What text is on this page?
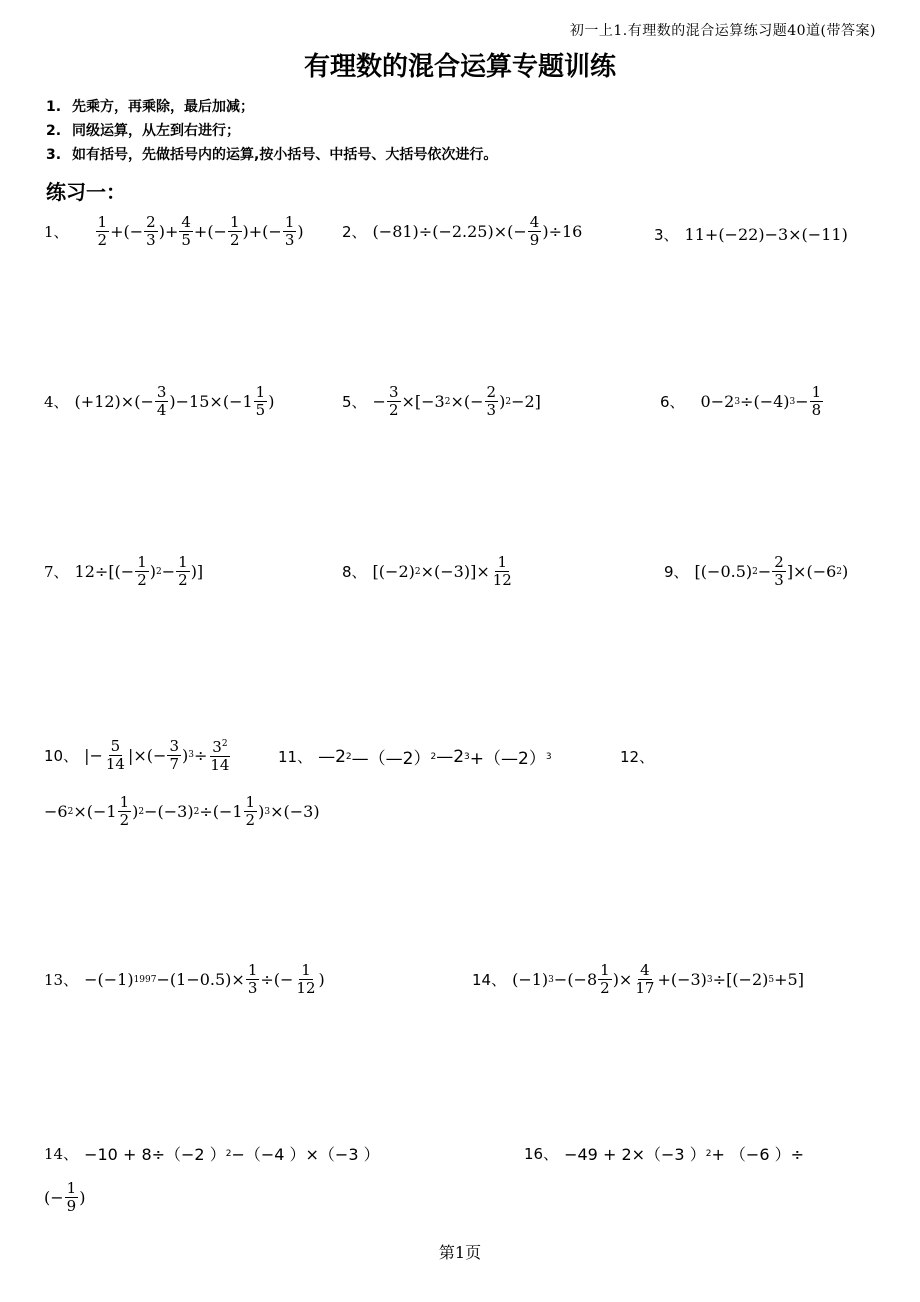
初一上1.有理数的混合运算练习题40道(带答案)
有理数的混合运算专题训练
1. 先乘方，再乘除，最后加减；
2. 同级运算，从左到右进行；
3. 如有括号，先做括号内的运算,按小括号、中括号、大括号依次进行。
练习一：
1、
1
2 +(− 2
3 )+ 4
5 +(− 1
2 )+(− 1
3 )	2、 (−81)÷(−2.25)×(− 4
9 )÷16	3、 11+(−22)−3×(−11)
4、 (+12)×(− 3
4 )−15×(−1 1
5 )	5、 − 3
2 ×[−3 2 ×(− 2
3 ) 2 −2]	6、 0−2 3 ÷(−4) 3 − 1
8
7、 12÷[(− 1
2 ) 2 − 1
2 )]	8、 [(−2) 2 ×(−3)]× 1
12	9、 [(−0.5) 2 − 2
3 ]×(−6 2 )
10、 |− 5
14 |×(− 3
7 ) $3 \div 3^2$
14	11、 —2 2 —（—2） 2 —2 3 +（—2） 3	12、
−6 2 ×(−1 1
2 ) 2 −(−3) 2 ÷(−1 1
2 ) 3 ×(−3)
13、 −(−1) 1997 −(1−0.5)× 1
3 ÷(− 1
12 )	14、 (−1) 3 −(−8 1
2 )× 4
17 +(−3) 3 ÷[(−2) 5 +5]
14、 −10 + 8÷（−2 ） 2 −（−4 ）×（−3 ）	16、 −49 + 2×（−3 ） 2 + （−6 ）÷
(− 1
9 )
第1页
